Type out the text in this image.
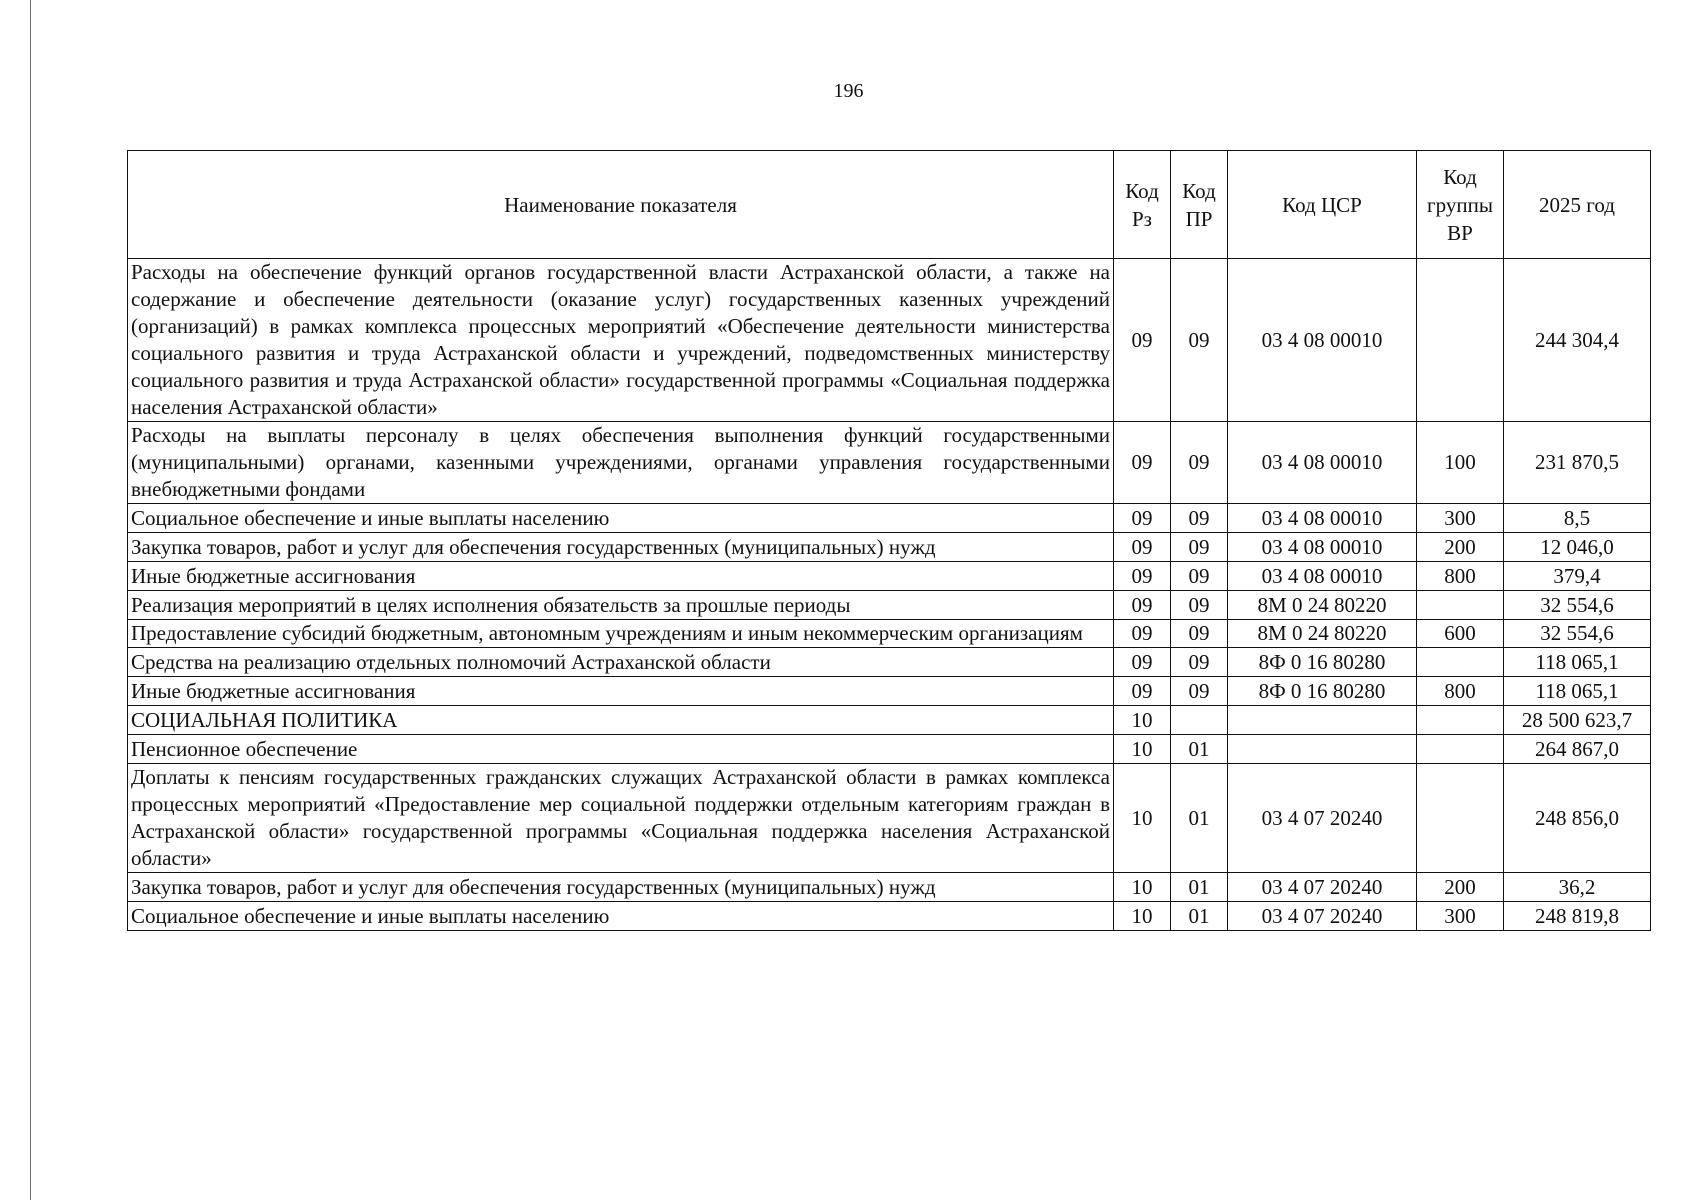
196
Наименование показателя	Код Рз	Код ПР	Код ЦСР	Код группы ВР	2025 год
Расходы на обеспечение функций органов государственной власти Астраханской области, а также на содержание и обеспечение деятельности (оказание услуг) государственных казенных учреждений (организаций) в рамках комплекса процессных мероприятий «Обеспечение деятельности министерства социального развития и труда Астраханской области и учреждений, подведомственных министерству социального развития и труда Астраханской области» государственной программы «Социальная поддержка населения Астраханской области»	09	09	03 4 08 00010		244 304,4
Расходы на выплаты персоналу в целях обеспечения выполнения функций государственными (муниципальными) органами, казенными учреждениями, органами управления государственными внебюджетными фондами	09	09	03 4 08 00010	100	231 870,5
Социальное обеспечение и иные выплаты населению	09	09	03 4 08 00010	300	8,5
Закупка товаров, работ и услуг для обеспечения государственных (муниципальных) нужд	09	09	03 4 08 00010	200	12 046,0
Иные бюджетные ассигнования	09	09	03 4 08 00010	800	379,4
Реализация мероприятий в целях исполнения обязательств за прошлые периоды	09	09	8М 0 24 80220		32 554,6
Предоставление субсидий бюджетным, автономным учреждениям и иным некоммерческим организациям	09	09	8М 0 24 80220	600	32 554,6
Средства на реализацию отдельных полномочий Астраханской области	09	09	8Ф 0 16 80280		118 065,1
Иные бюджетные ассигнования	09	09	8Ф 0 16 80280	800	118 065,1
СОЦИАЛЬНАЯ ПОЛИТИКА	10				28 500 623,7
Пенсионное обеспечение	10	01			264 867,0
Доплаты к пенсиям государственных гражданских служащих Астраханской области в рамках комплекса процессных мероприятий «Предоставление мер социальной поддержки отдельным категориям граждан в Астраханской области» государственной программы «Социальная поддержка населения Астраханской области»	10	01	03 4 07 20240		248 856,0
Закупка товаров, работ и услуг для обеспечения государственных (муниципальных) нужд	10	01	03 4 07 20240	200	36,2
Социальное обеспечение и иные выплаты населению	10	01	03 4 07 20240	300	248 819,8
